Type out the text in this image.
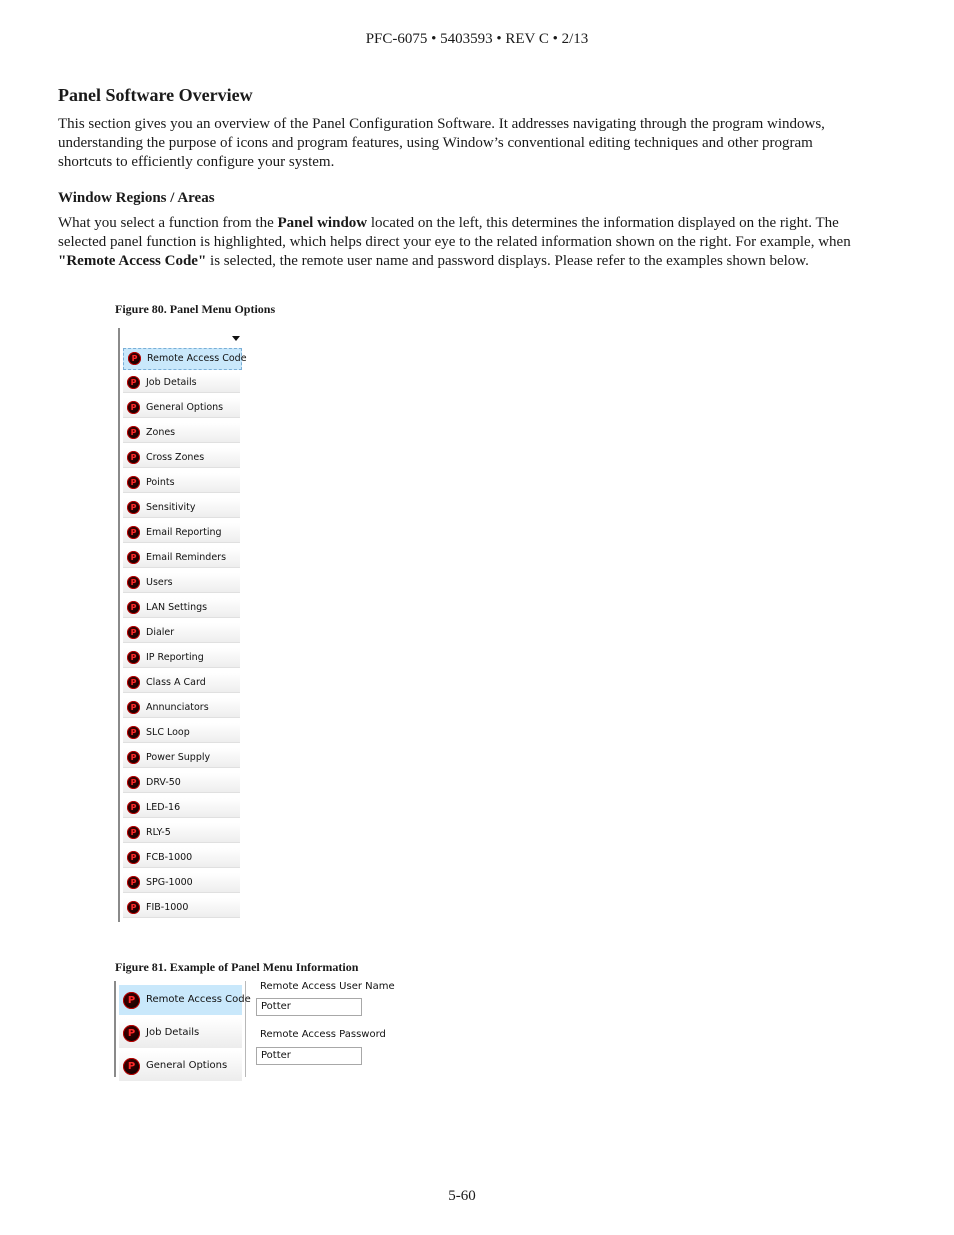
PFC-6075 • 5403593 • REV C • 2/13
Panel Software Overview

This section gives you an overview of the Panel Configuration Software. It addresses navigating through the program windows, understanding the purpose of icons and program features, using Window’s conventional editing techniques and other program shortcuts to efficiently configure your system.

Window Regions / Areas

What you select a function from the Panel window located on the left, this determines the information displayed on the right. The selected panel function is highlighted, which helps direct your eye to the related information shown on the right. For example, when "Remote Access Code" is selected, the remote user name and password displays. Please refer to the examples shown below.

Figure 80. Panel Menu Options
P	Remote Access Code
P	Job Details
P	General Options
P	Zones
P	Cross Zones
P	Points
P	Sensitivity
P	Email Reporting
P	Email Reminders
P	Users
P	LAN Settings
P	Dialer
P	IP Reporting
P	Class A Card
P	Annunciators
P	SLC Loop
P	Power Supply
P	DRV-50
P	LED-16
P	RLY-5
P	FCB-1000
P	SPG-1000
P	FIB-1000
Figure 81. Example of Panel Menu Information
P	Remote Access Code
P	Job Details
P	General Options
Remote Access User Name
Potter
Remote Access Password
Potter
5-60
